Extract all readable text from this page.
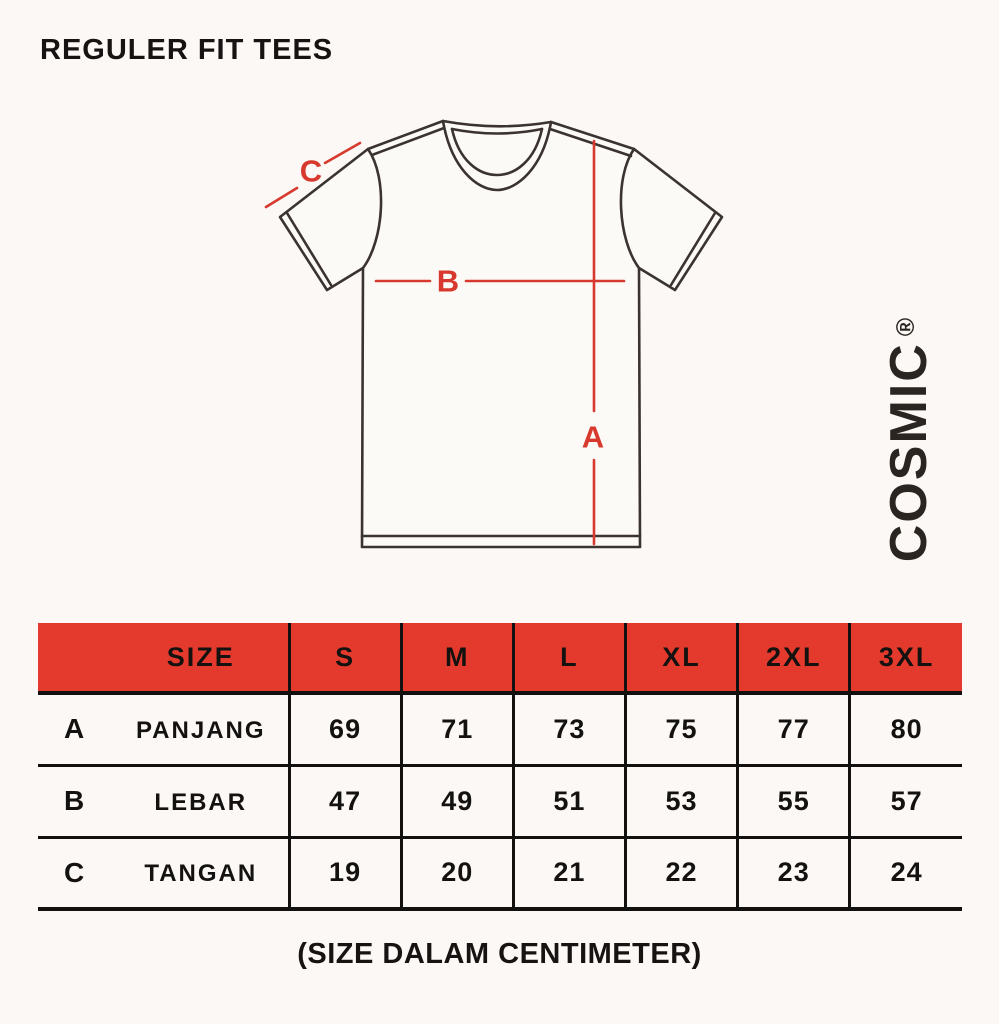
REGULER FIT TEES
C
B
A	COSMIC®
SIZE	S	M	L	XL	2XL	3XL

A PANJANG	69	71	73	75	77	80

B LEBAR	47	49	51	53	55	57

C TANGAN	19	20	21	22	23	24
(SIZE DALAM CENTIMETER)
